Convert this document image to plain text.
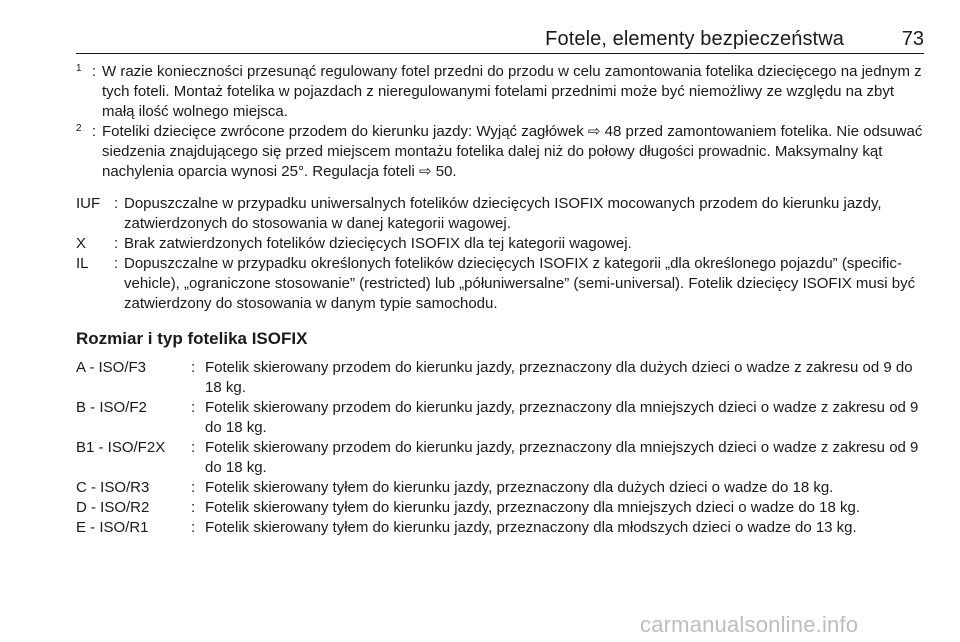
Fotele, elementy bezpieczeństwa	73
1 : W razie konieczności przesunąć regulowany fotel przedni do przodu w celu zamontowania fotelika dziecięcego na jednym z tych foteli. Montaż fotelika w pojazdach z nieregulowanymi fotelami przednimi może być niemożliwy ze względu na zbyt małą ilość wolnego miejsca.
2 : Foteliki dziecięce zwrócone przodem do kierunku jazdy: Wyjąć zagłówek ⇨ 48 przed zamontowaniem fotelika. Nie odsuwać siedzenia znajdującego się przed miejscem montażu fotelika dalej niż do połowy długości prowadnic. Maksymalny kąt nachylenia oparcia wynosi 25°. Regulacja foteli ⇨ 50.
IUF : Dopuszczalne w przypadku uniwersalnych fotelików dziecięcych ISOFIX mocowanych przodem do kierunku jazdy, zatwierdzonych do stosowania w danej kategorii wagowej.
X	: Brak zatwierdzonych fotelików dziecięcych ISOFIX dla tej kategorii wagowej.
IL	: Dopuszczalne w przypadku określonych fotelików dziecięcych ISOFIX z kategorii „dla określonego pojazdu” (specific-vehicle), „ograniczone stosowanie” (restricted) lub „półuniwersalne” (semi-universal). Fotelik dziecięcy ISOFIX musi być zatwierdzony do stosowania w danym typie samochodu.
Rozmiar i typ fotelika ISOFIX
A - ISO/F3	: Fotelik skierowany przodem do kierunku jazdy, przeznaczony dla dużych dzieci o wadze z zakresu od 9 do 18 kg.
B - ISO/F2	: Fotelik skierowany przodem do kierunku jazdy, przeznaczony dla mniejszych dzieci o wadze z zakresu od 9 do 18 kg.
B1 - ISO/F2X	: Fotelik skierowany przodem do kierunku jazdy, przeznaczony dla mniejszych dzieci o wadze z zakresu od 9 do 18 kg.
C - ISO/R3	: Fotelik skierowany tyłem do kierunku jazdy, przeznaczony dla dużych dzieci o wadze do 18 kg.
D - ISO/R2	: Fotelik skierowany tyłem do kierunku jazdy, przeznaczony dla mniejszych dzieci o wadze do 18 kg.
E - ISO/R1	: Fotelik skierowany tyłem do kierunku jazdy, przeznaczony dla młodszych dzieci o wadze do 13 kg.
carmanualsonline.info
